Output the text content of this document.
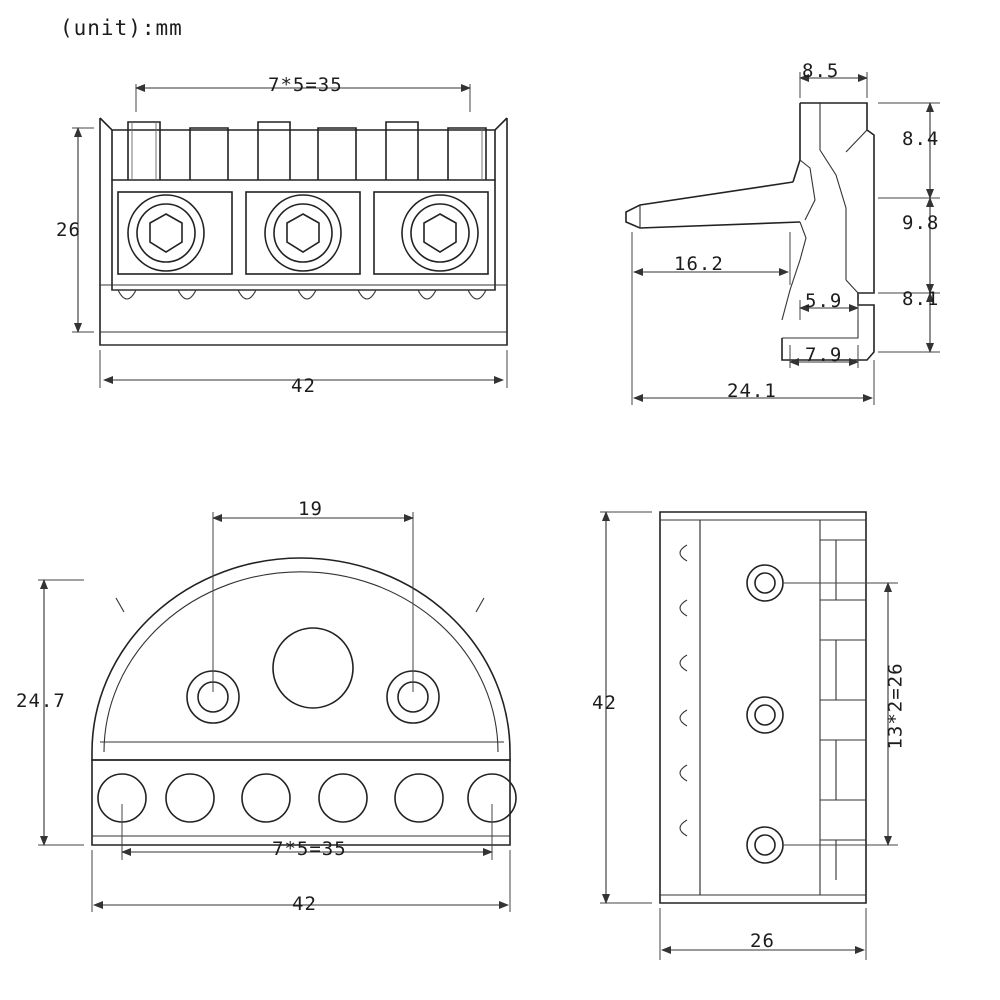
(unit):mm
7*5=35
26
42
8.5
8.4
9.8
8.1
16.2
5.9
7.9
24.1
19
24.7
7*5=35
42
42	13*2=26
26
